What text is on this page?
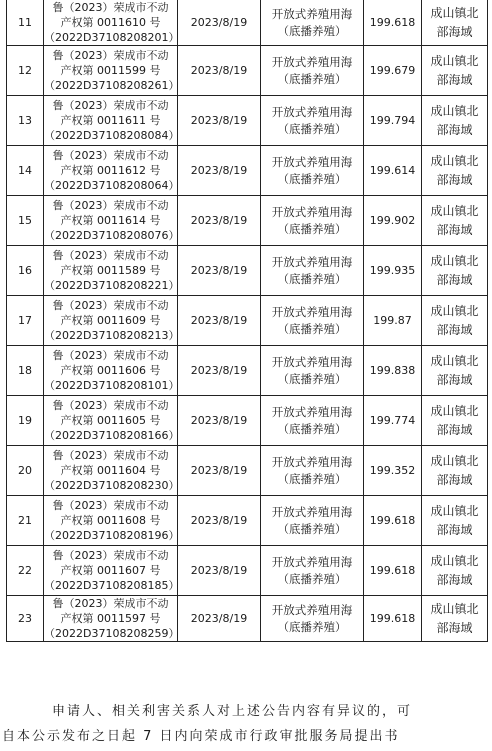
11	鲁（2023）荣成市不动
产权第 0011610 号
（2022D37108208201）	2023/8/19	开放式养殖用海
（底播养殖）	199.618	成山镇北
部海域

12	鲁（2023）荣成市不动
产权第 0011599 号
（2022D37108208261）	2023/8/19	开放式养殖用海
（底播养殖）	199.679	成山镇北
部海域

13	鲁（2023）荣成市不动
产权第 0011611 号
（2022D37108208084）	2023/8/19	开放式养殖用海
（底播养殖）	199.794	成山镇北
部海域

14	鲁（2023）荣成市不动
产权第 0011612 号
（2022D37108208064）	2023/8/19	开放式养殖用海
（底播养殖）	199.614	成山镇北
部海域

15	鲁（2023）荣成市不动
产权第 0011614 号
（2022D37108208076）	2023/8/19	开放式养殖用海
（底播养殖）	199.902	成山镇北
部海域

16	鲁（2023）荣成市不动
产权第 0011589 号
（2022D37108208221）	2023/8/19	开放式养殖用海
（底播养殖）	199.935	成山镇北
部海域

17	鲁（2023）荣成市不动
产权第 0011609 号
（2022D37108208213）	2023/8/19	开放式养殖用海
（底播养殖）	199.87	成山镇北
部海域

18	鲁（2023）荣成市不动
产权第 0011606 号
（2022D37108208101）	2023/8/19	开放式养殖用海
（底播养殖）	199.838	成山镇北
部海域

19	鲁（2023）荣成市不动
产权第 0011605 号
（2022D37108208166）	2023/8/19	开放式养殖用海
（底播养殖）	199.774	成山镇北
部海域

20	鲁（2023）荣成市不动
产权第 0011604 号
（2022D37108208230）	2023/8/19	开放式养殖用海
（底播养殖）	199.352	成山镇北
部海域

21	鲁（2023）荣成市不动
产权第 0011608 号
（2022D37108208196）	2023/8/19	开放式养殖用海
（底播养殖）	199.618	成山镇北
部海域

22	鲁（2023）荣成市不动
产权第 0011607 号
（2022D37108208185）	2023/8/19	开放式养殖用海
（底播养殖）	199.618	成山镇北
部海域

23	鲁（2023）荣成市不动
产权第 0011597 号
（2022D37108208259）	2023/8/19	开放式养殖用海
（底播养殖）	199.618	成山镇北
部海域
申请人、相关利害关系人对上述公告内容有异议的，可
自本公示发布之日起 7 日内向荣成市行政审批服务局提出书
